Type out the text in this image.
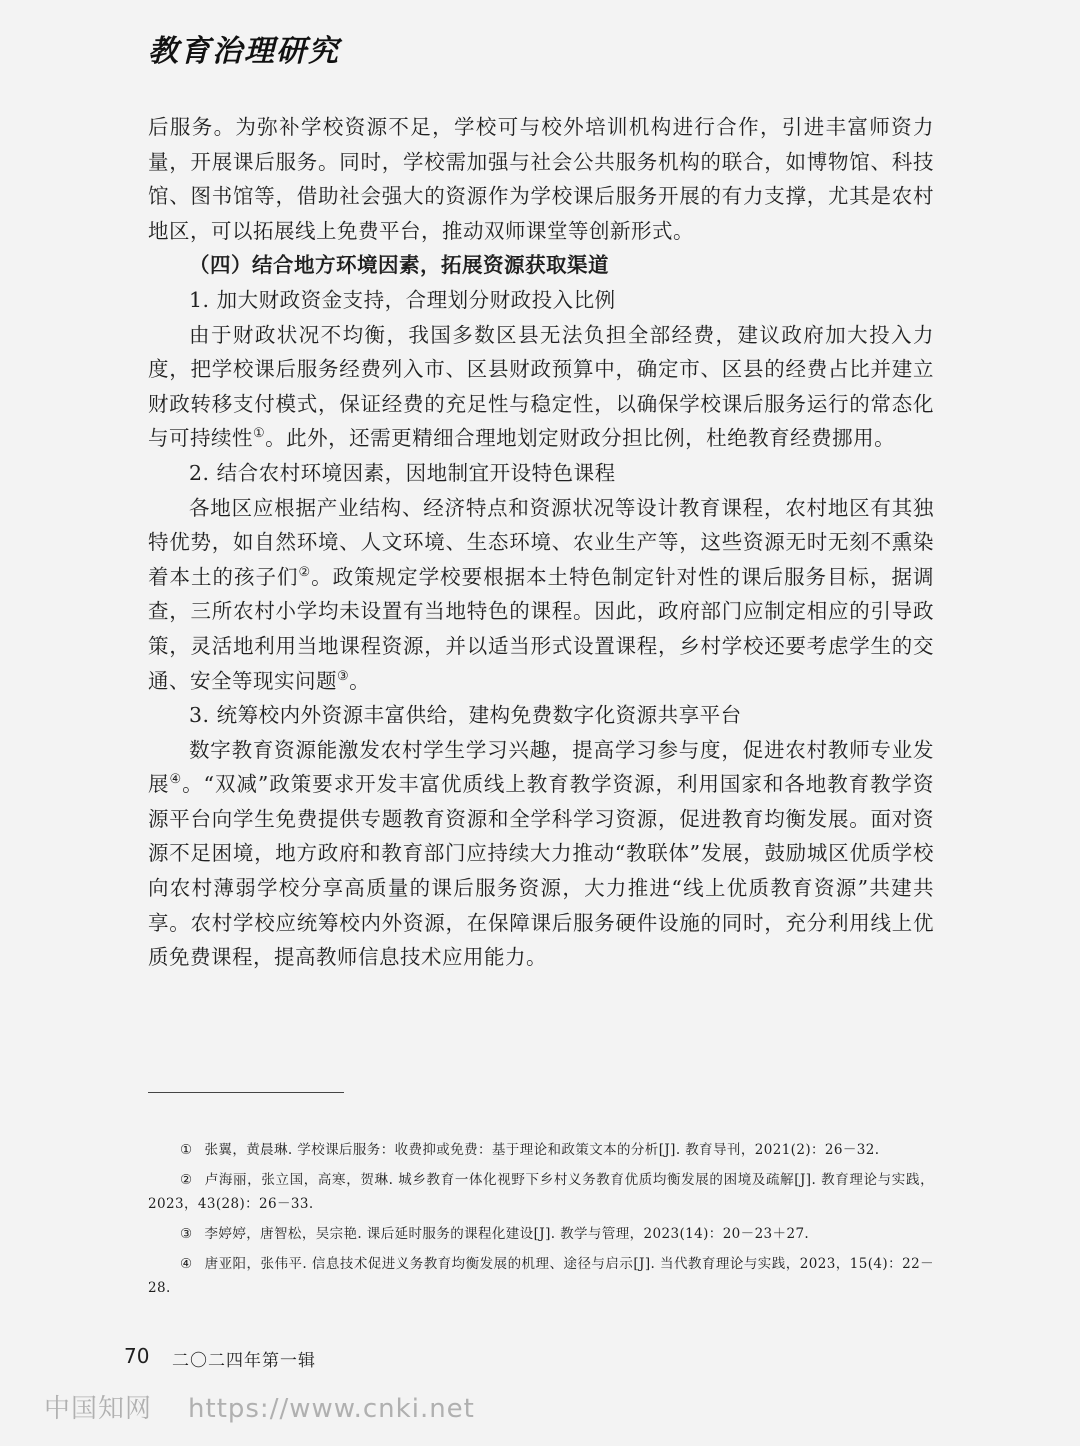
教育治理研究

后服务。为弥补学校资源不足，学校可与校外培训机构进行合作，引进丰富师资力量，开展课后服务。同时，学校需加强与社会公共服务机构的联合，如博物馆、科技馆、图书馆等，借助社会强大的资源作为学校课后服务开展的有力支撑，尤其是农村地区，可以拓展线上免费平台，推动双师课堂等创新形式。

（四）结合地方环境因素，拓展资源获取渠道

1. 加大财政资金支持，合理划分财政投入比例

由于财政状况不均衡，我国多数区县无法负担全部经费，建议政府加大投入力度，把学校课后服务经费列入市、区县财政预算中，确定市、区县的经费占比并建立财政转移支付模式，保证经费的充足性与稳定性，以确保学校课后服务运行的常态化与可持续性①。此外，还需更精细合理地划定财政分担比例，杜绝教育经费挪用。

2. 结合农村环境因素，因地制宜开设特色课程

各地区应根据产业结构、经济特点和资源状况等设计教育课程，农村地区有其独特优势，如自然环境、人文环境、生态环境、农业生产等，这些资源无时无刻不熏染着本土的孩子们②。政策规定学校要根据本土特色制定针对性的课后服务目标，据调查，三所农村小学均未设置有当地特色的课程。因此，政府部门应制定相应的引导政策，灵活地利用当地课程资源，并以适当形式设置课程，乡村学校还要考虑学生的交通、安全等现实问题③。

3. 统筹校内外资源丰富供给，建构免费数字化资源共享平台

数字教育资源能激发农村学生学习兴趣，提高学习参与度，促进农村教师专业发展④。“双减”政策要求开发丰富优质线上教育教学资源，利用国家和各地教育教学资源平台向学生免费提供专题教育资源和全学科学习资源，促进教育均衡发展。面对资源不足困境，地方政府和教育部门应持续大力推动“教联体”发展，鼓励城区优质学校向农村薄弱学校分享高质量的课后服务资源，大力推进“线上优质教育资源”共建共享。农村学校应统筹校内外资源，在保障课后服务硬件设施的同时，充分利用线上优质免费课程，提高教师信息技术应用能力。

① 张翼，黄晨琳. 学校课后服务：收费抑或免费：基于理论和政策文本的分析[J]. 教育导刊，2021(2)：26－32.

② 卢海丽，张立国，高寒，贺琳. 城乡教育一体化视野下乡村义务教育优质均衡发展的困境及疏解[J]. 教育理论与实践，2023，43(28)：26－33.

③ 李婷婷，唐智松，吴宗艳. 课后延时服务的课程化建设[J]. 教学与管理，2023(14)：20－23＋27.

④ 唐亚阳，张伟平. 信息技术促进义务教育均衡发展的机理、途径与启示[J]. 当代教育理论与实践，2023，15(4)：22－28.

70 二〇二四年第一辑
中国知网 https://www.cnki.net
